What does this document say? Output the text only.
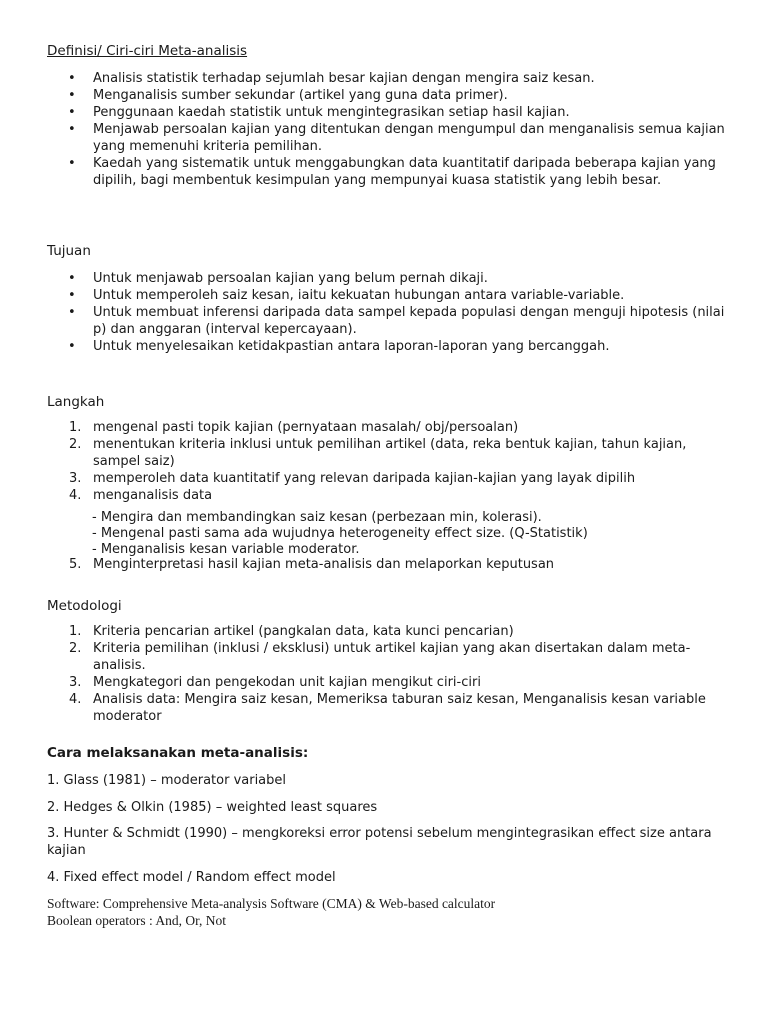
Definisi/ Ciri-ciri Meta-analisis
• Analisis statistik terhadap sejumlah besar kajian dengan mengira saiz kesan.
• Menganalisis sumber sekundar (artikel yang guna data primer).
• Penggunaan kaedah statistik untuk mengintegrasikan setiap hasil kajian.
• Menjawab persoalan kajian yang ditentukan dengan mengumpul dan menganalisis semua kajian yang memenuhi kriteria pemilihan.
• Kaedah yang sistematik untuk menggabungkan data kuantitatif daripada beberapa kajian yang dipilih, bagi membentuk kesimpulan yang mempunyai kuasa statistik yang lebih besar.
Tujuan
• Untuk menjawab persoalan kajian yang belum pernah dikaji.
• Untuk memperoleh saiz kesan, iaitu kekuatan hubungan antara variable-variable.
• Untuk membuat inferensi daripada data sampel kepada populasi dengan menguji hipotesis (nilai p) dan anggaran (interval kepercayaan).
• Untuk menyelesaikan ketidakpastian antara laporan-laporan yang bercanggah.
Langkah
1. mengenal pasti topik kajian (pernyataan masalah/ obj/persoalan)
2. menentukan kriteria inklusi untuk pemilihan artikel (data, reka bentuk kajian, tahun kajian, sampel saiz)
3. memperoleh data kuantitatif yang relevan daripada kajian-kajian yang layak dipilih
4. menganalisis data
- Mengira dan membandingkan saiz kesan (perbezaan min, kolerasi).
- Mengenal pasti sama ada wujudnya heterogeneity effect size. (Q-Statistik)
- Menganalisis kesan variable moderator.
5. Menginterpretasi hasil kajian meta-analisis dan melaporkan keputusan
Metodologi
1. Kriteria pencarian artikel (pangkalan data, kata kunci pencarian)
2. Kriteria pemilihan (inklusi / eksklusi) untuk artikel kajian yang akan disertakan dalam meta-analisis.
3. Mengkategori dan pengekodan unit kajian mengikut ciri-ciri
4. Analisis data: Mengira saiz kesan, Memeriksa taburan saiz kesan, Menganalisis kesan variable moderator
Cara melaksanakan meta-analisis:

1. Glass (1981) – moderator variabel

2. Hedges & Olkin (1985) – weighted least squares

3. Hunter & Schmidt (1990) – mengkoreksi error potensi sebelum mengintegrasikan effect size antara kajian

4. Fixed effect model / Random effect model

Software: Comprehensive Meta-analysis Software (CMA) & Web-based calculator

Boolean operators : And, Or, Not
